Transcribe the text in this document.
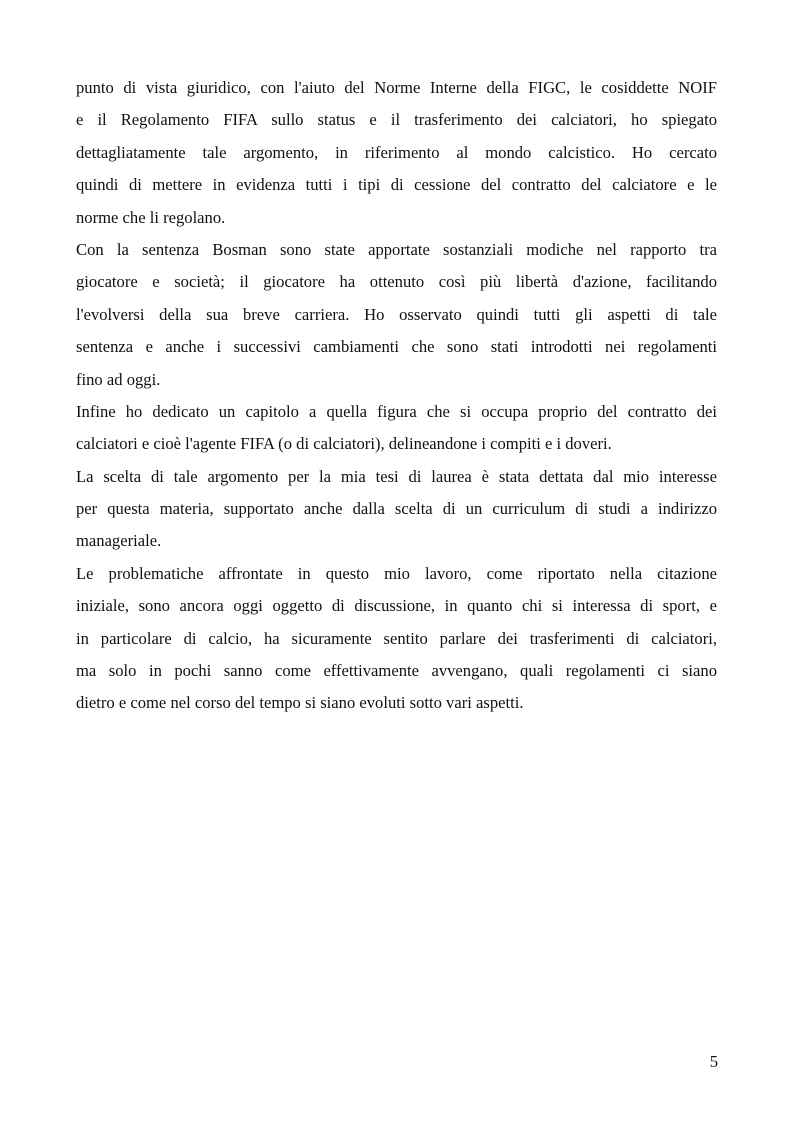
punto di vista giuridico, con l'aiuto del Norme Interne della FIGC, le cosiddette NOIF
e il Regolamento FIFA sullo status e il trasferimento dei calciatori, ho spiegato
dettagliatamente tale argomento, in riferimento al mondo calcistico. Ho cercato
quindi di mettere in evidenza tutti i tipi di cessione del contratto del calciatore e le
norme che li regolano.

Con la sentenza Bosman sono state apportate sostanziali modiche nel rapporto tra
giocatore e società; il giocatore ha ottenuto così più libertà d'azione, facilitando
l'evolversi della sua breve carriera. Ho osservato quindi tutti gli aspetti di tale
sentenza e anche i successivi cambiamenti che sono stati introdotti nei regolamenti
fino ad oggi.

Infine ho dedicato un capitolo a quella figura che si occupa proprio del contratto dei
calciatori e cioè l'agente FIFA (o di calciatori), delineandone i compiti e i doveri.

La scelta di tale argomento per la mia tesi di laurea è stata dettata dal mio interesse
per questa materia, supportato anche dalla scelta di un curriculum di studi a indirizzo
manageriale.

Le problematiche affrontate in questo mio lavoro, come riportato nella citazione
iniziale, sono ancora oggi oggetto di discussione, in quanto chi si interessa di sport, e
in particolare di calcio, ha sicuramente sentito parlare dei trasferimenti di calciatori,
ma solo in pochi sanno come effettivamente avvengano, quali regolamenti ci siano
dietro e come nel corso del tempo si siano evoluti sotto vari aspetti.

5
